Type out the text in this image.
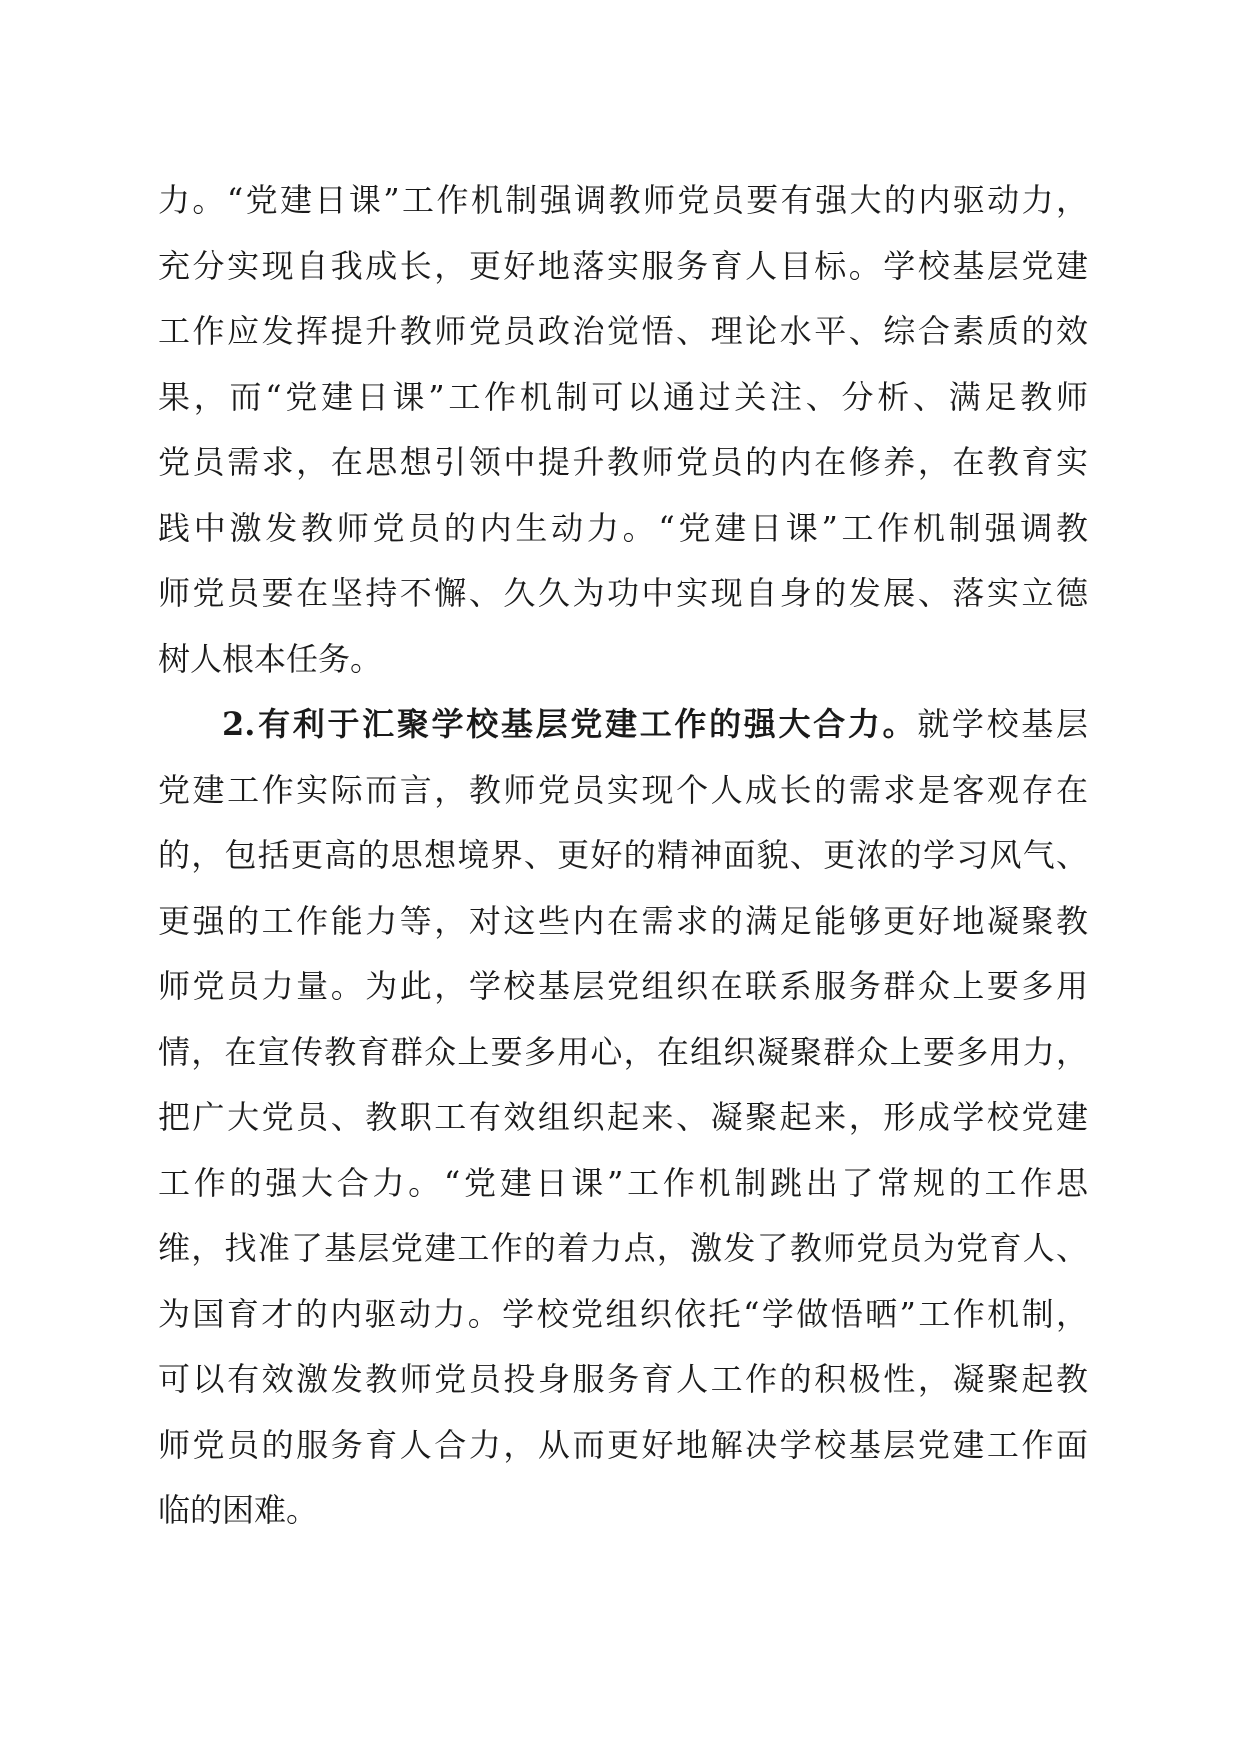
力。“党建日课”工作机制强调教师党员要有强大的内驱动力，
充分实现自我成长，更好地落实服务育人目标。学校基层党建
工作应发挥提升教师党员政治觉悟、理论水平、综合素质的效
果，而“党建日课”工作机制可以通过关注、分析、满足教师
党员需求，在思想引领中提升教师党员的内在修养，在教育实
践中激发教师党员的内生动力。“党建日课”工作机制强调教
师党员要在坚持不懈、久久为功中实现自身的发展、落实立德
树人根本任务。
2.有利于汇聚学校基层党建工作的强大合力。就学校基层
党建工作实际而言，教师党员实现个人成长的需求是客观存在
的，包括更高的思想境界、更好的精神面貌、更浓的学习风气、
更强的工作能力等，对这些内在需求的满足能够更好地凝聚教
师党员力量。为此，学校基层党组织在联系服务群众上要多用
情，在宣传教育群众上要多用心，在组织凝聚群众上要多用力，
把广大党员、教职工有效组织起来、凝聚起来，形成学校党建
工作的强大合力。“党建日课”工作机制跳出了常规的工作思
维，找准了基层党建工作的着力点，激发了教师党员为党育人、
为国育才的内驱动力。学校党组织依托“学做悟晒”工作机制，
可以有效激发教师党员投身服务育人工作的积极性，凝聚起教
师党员的服务育人合力，从而更好地解决学校基层党建工作面
临的困难。
